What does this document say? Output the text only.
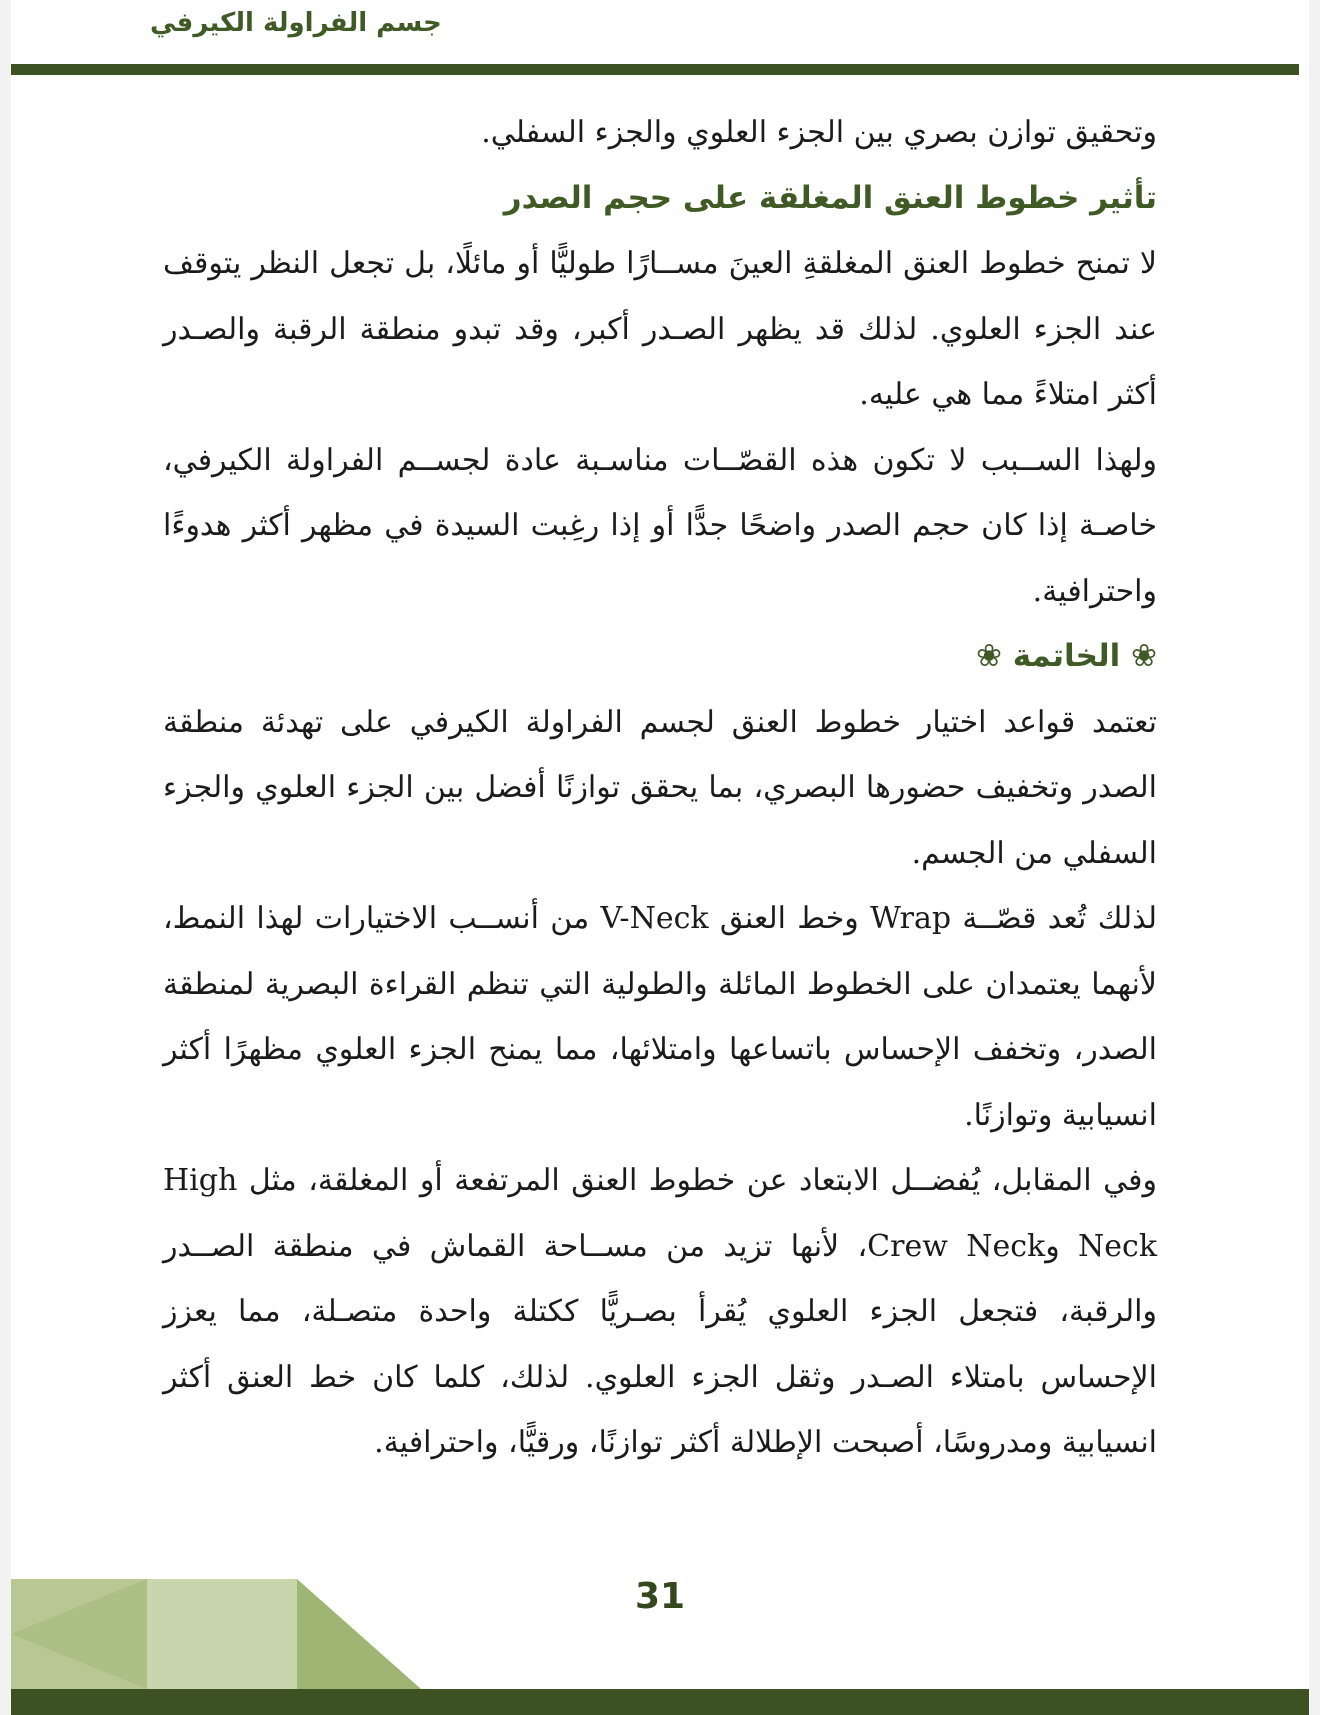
جسم الفراولة الكيرفي

وتحقيق توازن بصري بين الجزء العلوي والجزء السفلي.

تأثير خطوط العنق المغلقة على حجم الصدر

لا تمنح خطوط العنق المغلقةِ العينَ مســارًا طوليًّا أو مائلًا، بل تجعل النظر يتوقف عند الجزء العلوي. لذلك قد يظهر الصـدر أكبر، وقد تبدو منطقة الرقبة والصـدر أكثر امتلاءً مما هي عليه.

ولهذا الســبب لا تكون هذه القصّــات مناسـبة عادة لجســم الفراولة الكيرفي، خاصـة إذا كان حجم الصدر واضحًا جدًّا أو إذا رغِبت السيدة في مظهر أكثر هدوءًا واحترافية.

❀ الخاتمة ❀

تعتمد قواعد اختيار خطوط العنق لجسم الفراولة الكيرفي على تهدئة منطقة الصدر وتخفيف حضورها البصري، بما يحقق توازنًا أفضل بين الجزء العلوي والجزء السفلي من الجسم.

لذلك تُعد قصّــة Wrap وخط العنق V-Neck من أنســب الاختيارات لهذا النمط، لأنهما يعتمدان على الخطوط المائلة والطولية التي تنظم القراءة البصرية لمنطقة الصدر، وتخفف الإحساس باتساعها وامتلائها، مما يمنح الجزء العلوي مظهرًا أكثر انسيابية وتوازنًا.

وفي المقابل، يُفضــل الابتعاد عن خطوط العنق المرتفعة أو المغلقة، مثل High Neck وCrew Neck، لأنها تزيد من مســاحة القماش في منطقة الصــدر والرقبة، فتجعل الجزء العلوي يُقرأ بصـريًّا ككتلة واحدة متصـلة، مما يعزز الإحساس بامتلاء الصـدر وثقل الجزء العلوي. لذلك، كلما كان خط العنق أكثر انسيابية ومدروسًا، أصبحت الإطلالة أكثر توازنًا، ورقيًّا، واحترافية.

31
